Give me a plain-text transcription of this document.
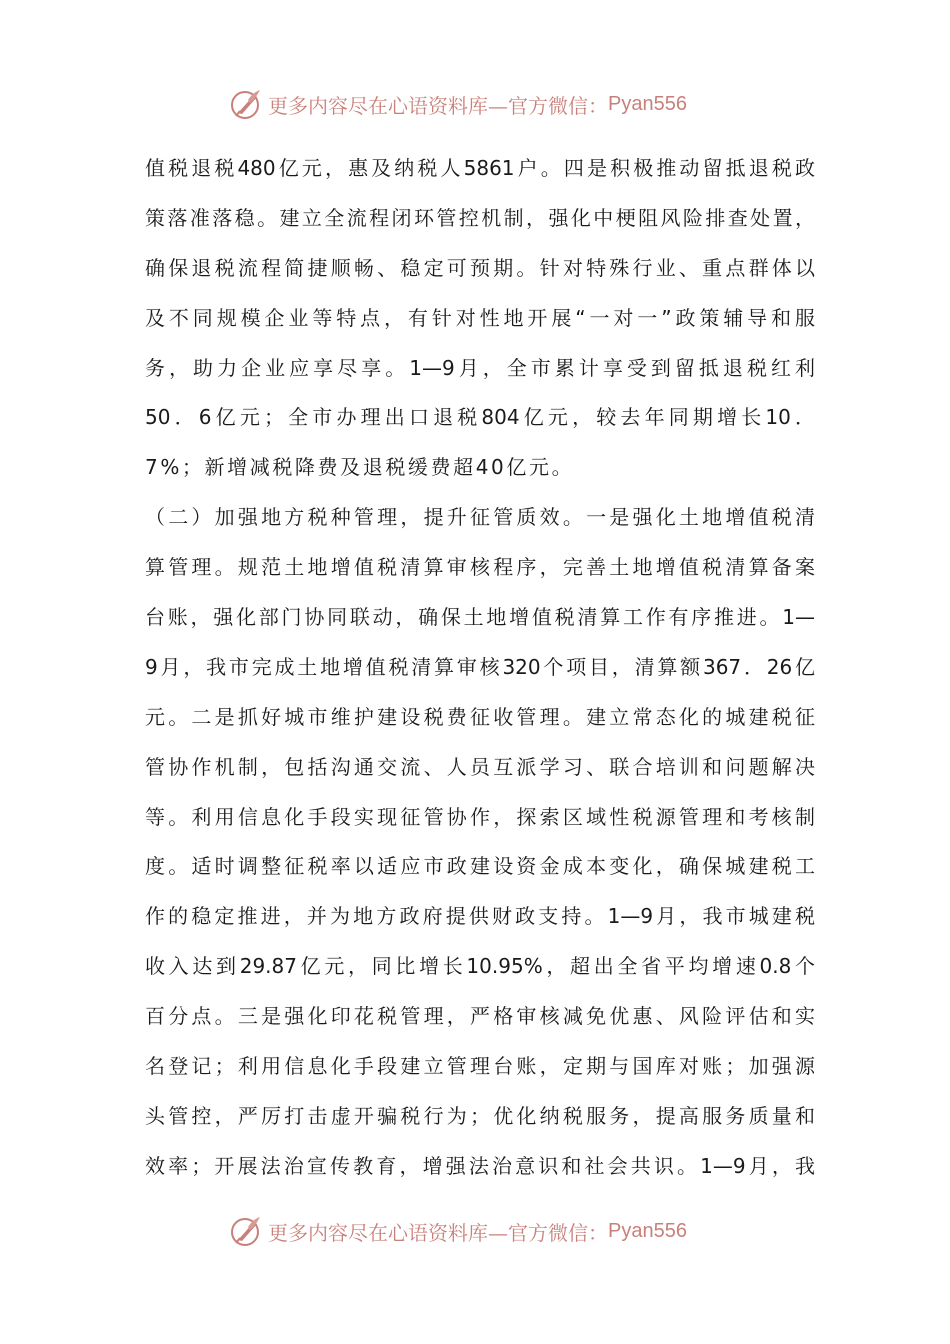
更多内容尽在心语资料库—官方微信： Pyan556
值税退税480亿元，惠及纳税人5861户。四是积极推动留抵退税政
策落准落稳。建立全流程闭环管控机制，强化中梗阻风险排查处置，
确保退税流程简捷顺畅、稳定可预期。针对特殊行业、重点群体以
及不同规模企业等特点，有针对性地开展“一对一”政策辅导和服
务，助力企业应享尽享。1—9月，全市累计享受到留抵退税红利
50．6亿元；全市办理出口退税804亿元，较去年同期增长10．
7%；新增减税降费及退税缓费超40亿元。
（二）加强地方税种管理，提升征管质效。一是强化土地增值税清
算管理。规范土地增值税清算审核程序，完善土地增值税清算备案
台账，强化部门协同联动，确保土地增值税清算工作有序推进。1—
9月，我市完成土地增值税清算审核320个项目，清算额367．26亿
元。二是抓好城市维护建设税费征收管理。建立常态化的城建税征
管协作机制，包括沟通交流、人员互派学习、联合培训和问题解决
等。利用信息化手段实现征管协作，探索区域性税源管理和考核制
度。适时调整征税率以适应市政建设资金成本变化，确保城建税工
作的稳定推进，并为地方政府提供财政支持。1—9月，我市城建税
收入达到29.87亿元，同比增长10.95%，超出全省平均增速0.8个
百分点。三是强化印花税管理，严格审核减免优惠、风险评估和实
名登记；利用信息化手段建立管理台账，定期与国库对账；加强源
头管控，严厉打击虚开骗税行为；优化纳税服务，提高服务质量和
效率；开展法治宣传教育，增强法治意识和社会共识。1—9月，我
更多内容尽在心语资料库—官方微信： Pyan556
